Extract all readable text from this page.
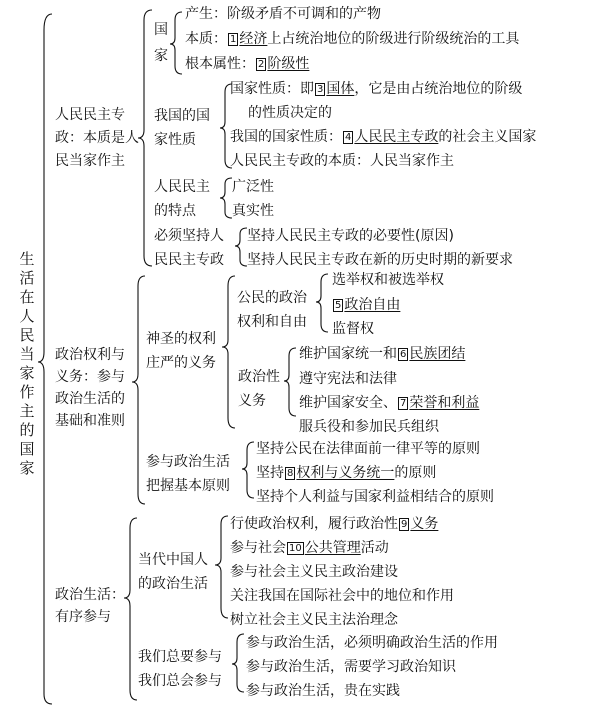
生活在人民当家作主的国家
人民民主专
政：本质是人
民当家作主
国
家
产生：阶级矛盾不可调和的产物
本质： 1 经济上占统治地位的阶级进行阶级统治的工具
根本属性： 2 阶级性
我国的国
家性质
国家性质：即 3 国体，它是由占统治地位的阶级
的性质决定的
我国的国家性质： 4 人民民主专政的社会主义国家
人民民主专政的本质：人民当家作主
人民民主
的特点
广泛性
真实性
必须坚持人
民民主专政
坚持人民民主专政的必要性(原因)
坚持人民民主专政在新的历史时期的新要求
政治权利与
义务：参与
政治生活的
基础和准则
神圣的权利
庄严的义务
公民的政治
权利和自由
选举权和被选举权
5 政治自由
监督权
政治性
义务
维护国家统一和 6 民族团结
遵守宪法和法律
维护国家安全、 7 荣誉和利益
服兵役和参加民兵组织
参与政治生活
把握基本原则
坚持公民在法律面前一律平等的原则
坚持 8 权利与义务统一的原则
坚持个人利益与国家利益相结合的原则
政治生活：
有序参与
当代中国人
的政治生活
行使政治权利，履行政治性 9 义务
参与社会 10 公共管理活动
参与社会主义民主政治建设
关注我国在国际社会中的地位和作用
树立社会主义民主法治理念
我们总要参与
我们总会参与
参与政治生活，必须明确政治生活的作用
参与政治生活，需要学习政治知识
参与政治生活，贵在实践
